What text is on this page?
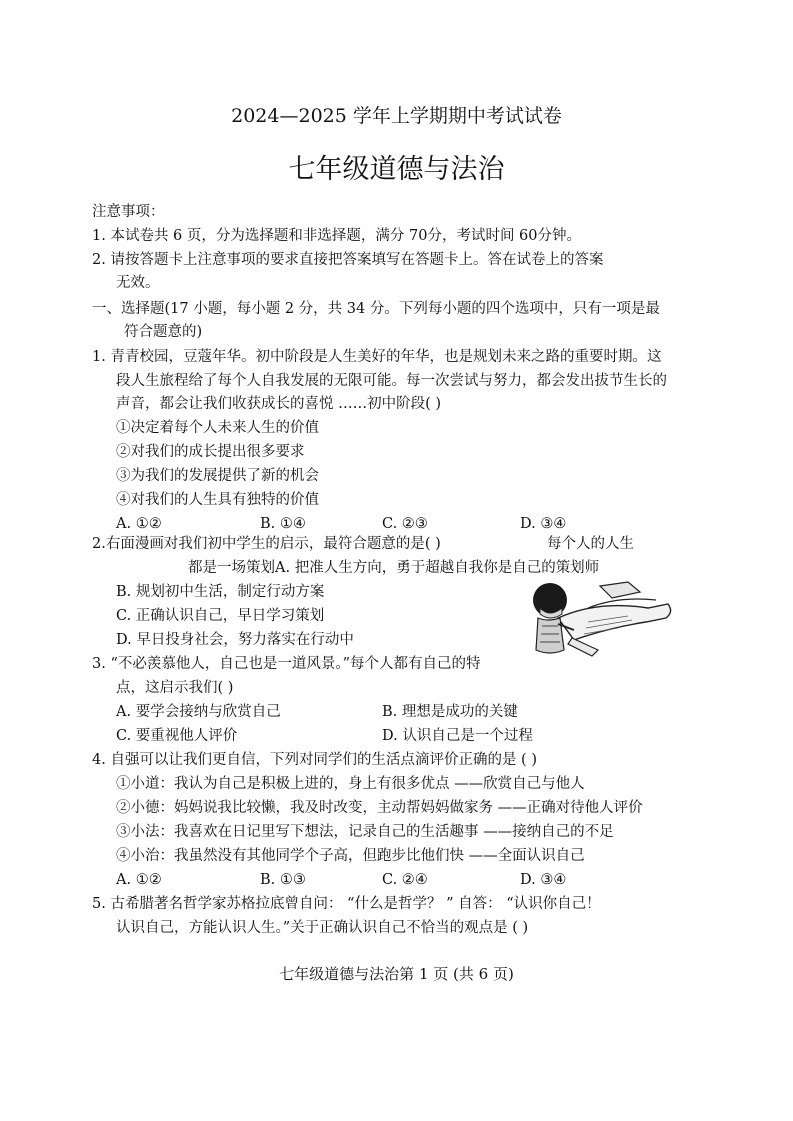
2024—2025 学年上学期期中考试试卷
七年级道德与法治
注意事项：
1. 本试卷共 6 页，分为选择题和非选择题，满分 70分，考试时间 60分钟。
2. 请按答题卡上注意事项的要求直接把答案填写在答题卡上。答在试卷上的答案
无效。
一、选择题(17 小题，每小题 2 分，共 34 分。下列每小题的四个选项中，只有一项是最
符合题意的)
1. 青青校园，豆蔻年华。初中阶段是人生美好的年华，也是规划未来之路的重要时期。这
段人生旅程给了每个人自我发展的无限可能。每一次尝试与努力，都会发出拔节生长的
声音，都会让我们收获成长的喜悦 ……初中阶段( )
①决定着每个人未来人生的价值
②对我们的成长提出很多要求
③为我们的发展提供了新的机会
④对我们的人生具有独特的价值
A. ①②	B. ①④	C. ②③	D. ③④
2.右面漫画对我们初中学生的启示，最符合题意的是( )	每个人的人生
都是一场策划A. 把准人生方向，勇于超越自我你是自己的策划师
B. 规划初中生活，制定行动方案
C. 正确认识自己，早日学习策划
D. 早日投身社会，努力落实在行动中
3. “不必羡慕他人，自己也是一道风景。”每个人都有自己的特
点，这启示我们( )
A. 要学会接纳与欣赏自己	B. 理想是成功的关键
C. 要重视他人评价	D. 认识自己是一个过程
4. 自强可以让我们更自信，下列对同学们的生活点滴评价正确的是 ( )
①小道：我认为自己是积极上进的，身上有很多优点 ——欣赏自己与他人
②小德：妈妈说我比较懒，我及时改变，主动帮妈妈做家务 ——正确对待他人评价
③小法：我喜欢在日记里写下想法，记录自己的生活趣事 ——接纳自己的不足
④小治：我虽然没有其他同学个子高，但跑步比他们快 ——全面认识自己
A. ①②	B. ①③	C. ②④	D. ③④
5. 古希腊著名哲学家苏格拉底曾自问： “什么是哲学？ ” 自答： “认识你自己！
认识自己，方能认识人生。”关于正确认识自己不恰当的观点是 ( )
七年级道德与法治第 1 页 (共 6 页)
